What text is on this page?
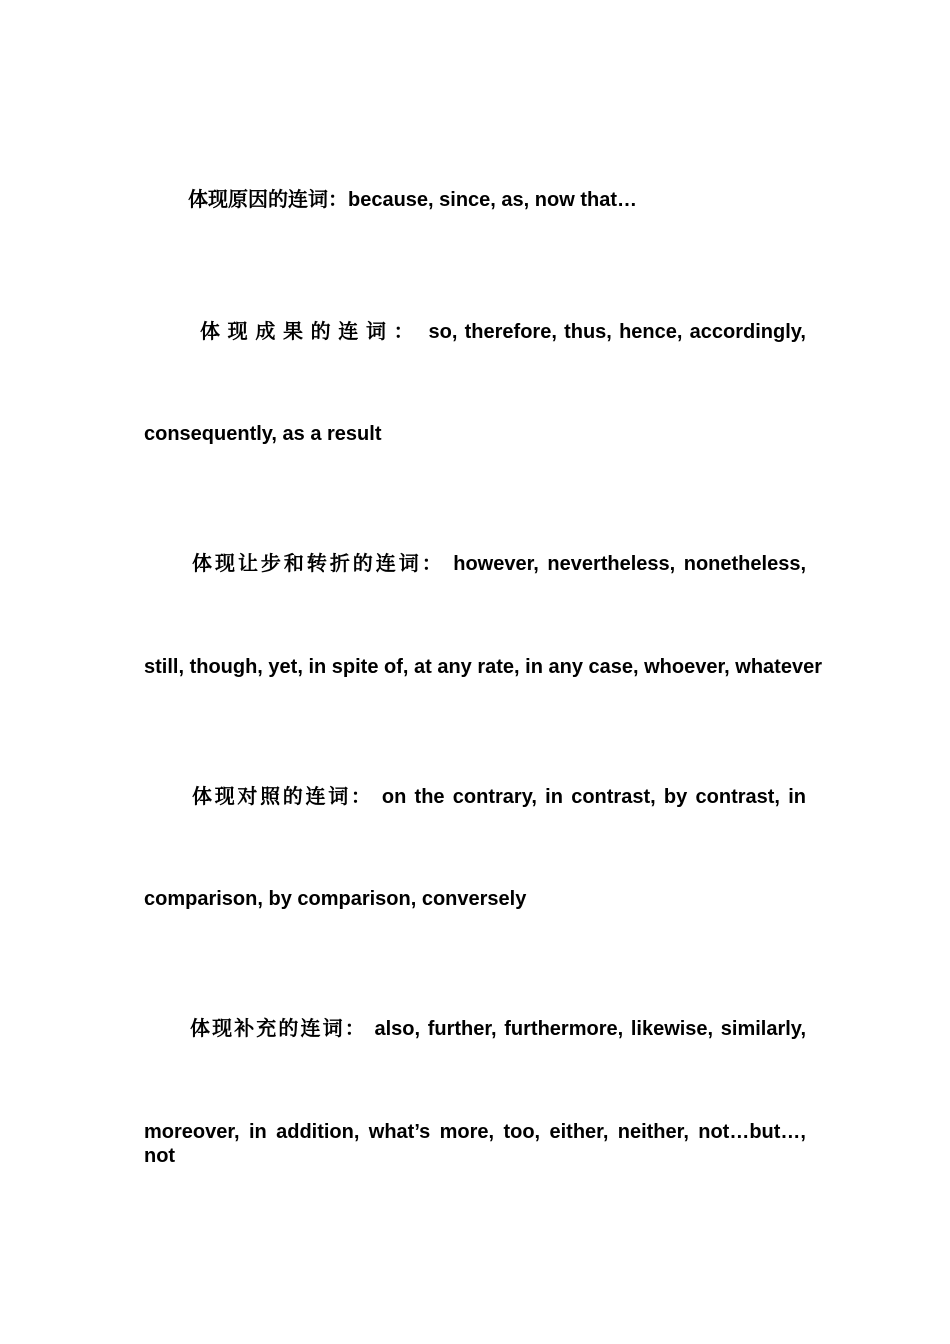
体现原因的连词：because, since, as, now that…
体现成果的连词： so, therefore, thus, hence, accordingly,
consequently, as a result
体现让步和转折的连词： however, nevertheless, nonetheless,
still, though, yet, in spite of, at any rate, in any case, whoever, whatever
体现对照的连词： on the contrary, in contrast, by contrast, in
comparison, by comparison, conversely
体现补充的连词： also, further, furthermore, likewise, similarly,
moreover, in addition, what’s more, too, either, neither, not…but…, not
